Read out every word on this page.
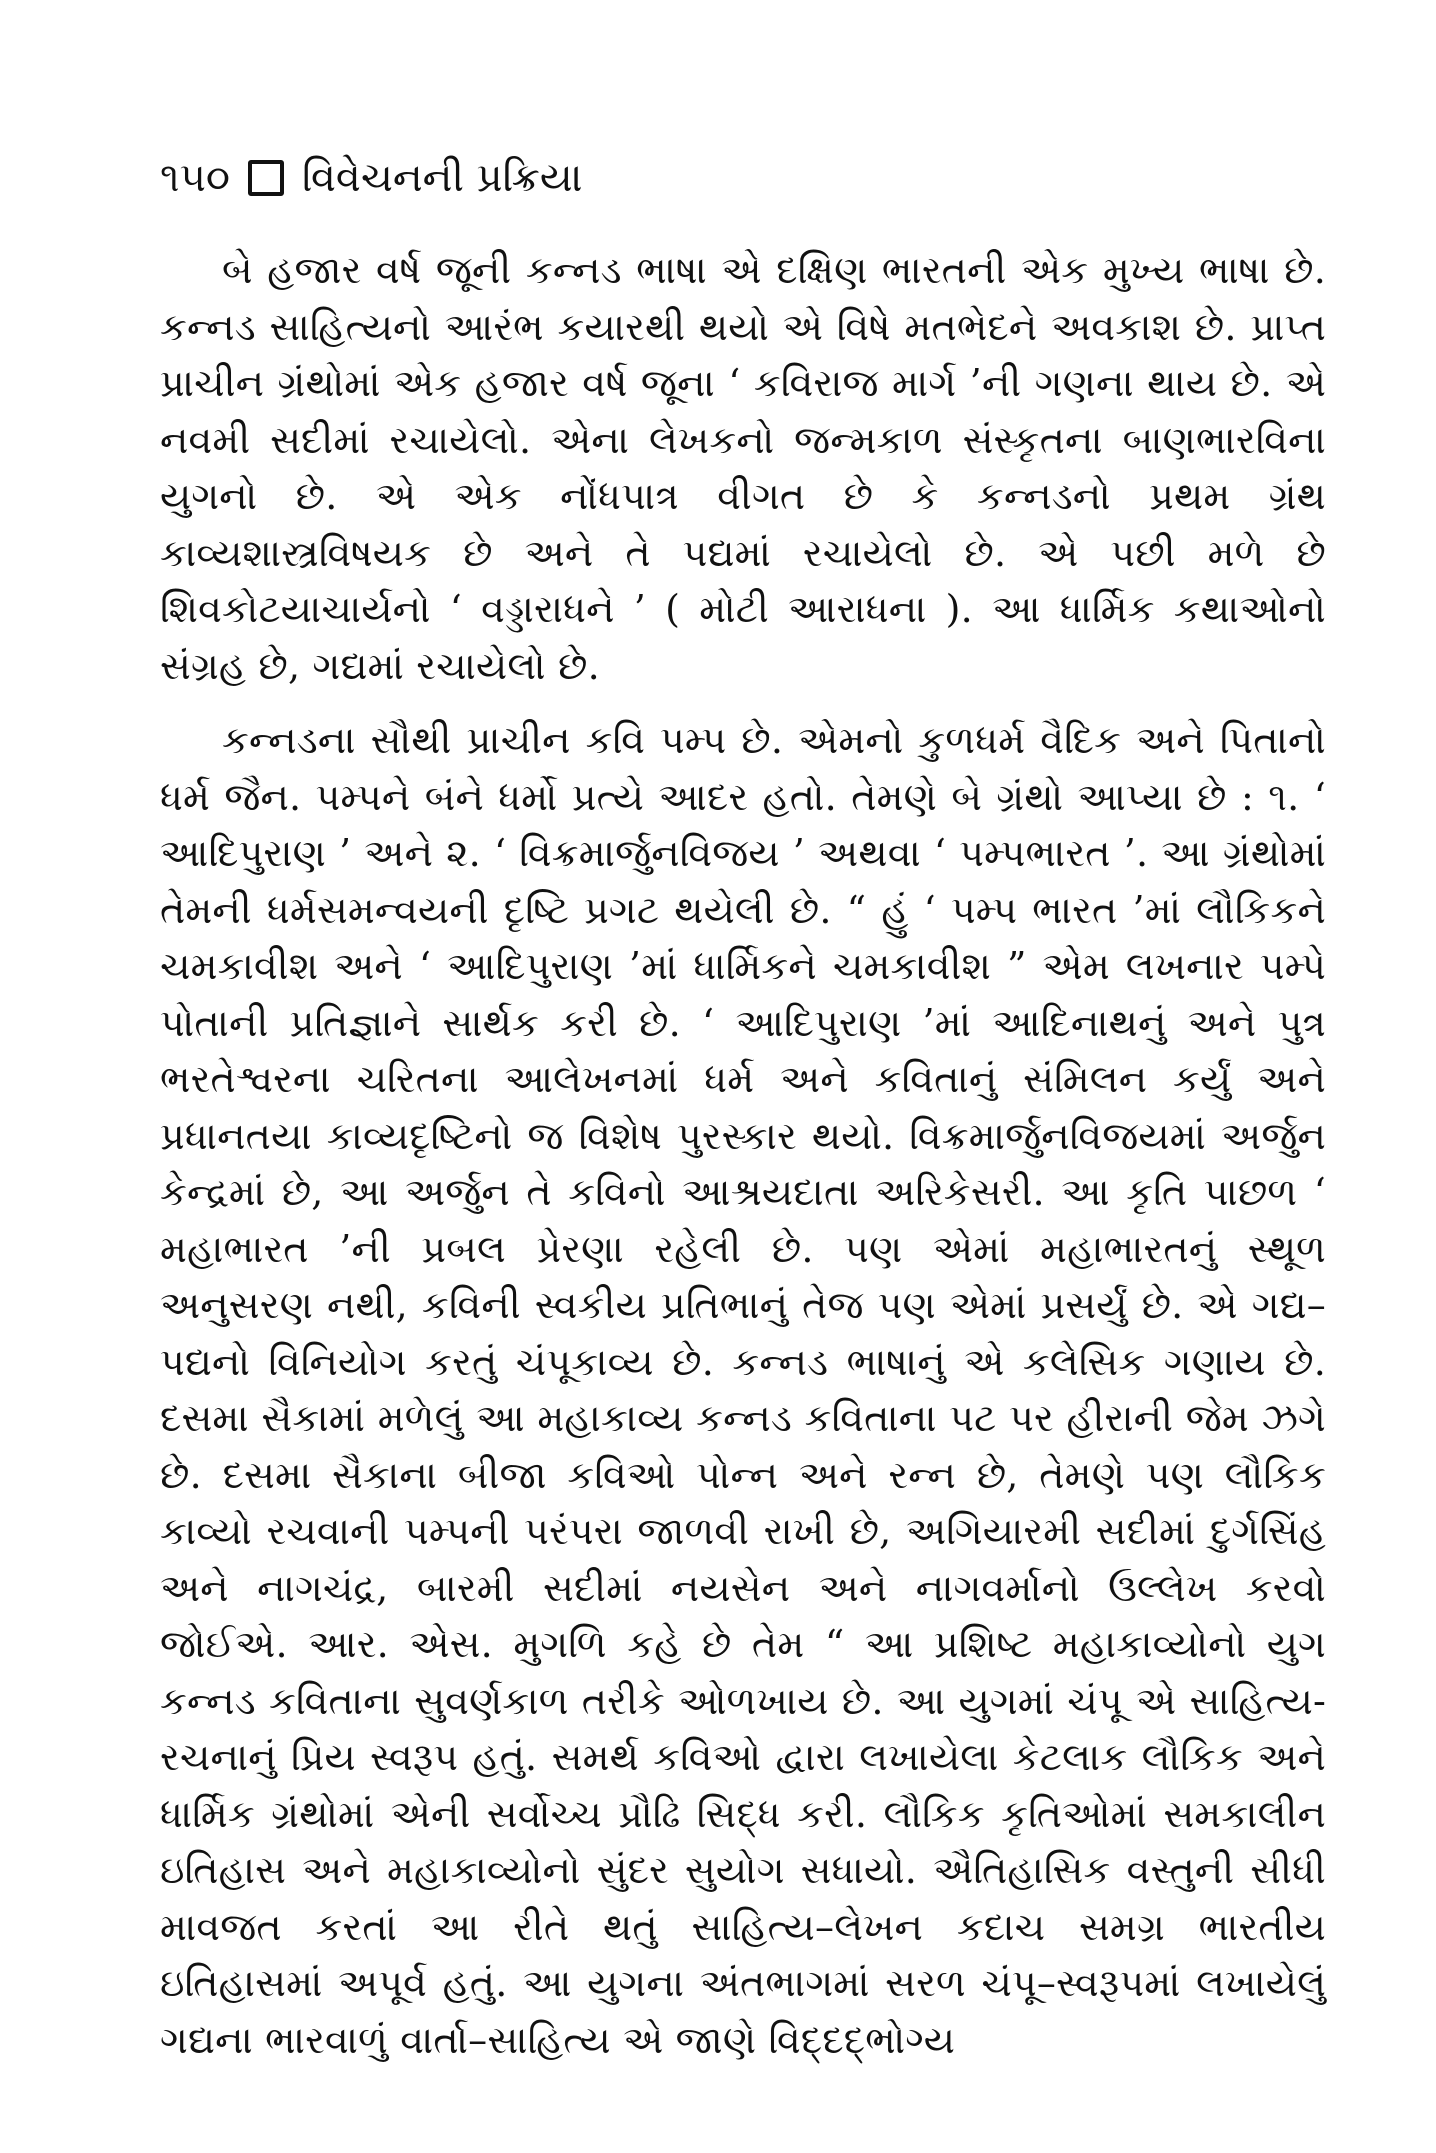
૧૫૦ વિવેચનની પ્રક્રિયા

બે હજાર વર્ષ જૂની કન્નડ ભાષા એ દક્ષિણ ભારતની એક મુખ્ય ભાષા છે. કન્નડ સાહિત્યનો આરંભ કયારથી થયો એ વિષે મતભેદને અવકાશ છે. પ્રાપ્ત પ્રાચીન ગ્રંથોમાં એક હજાર વર્ષ જૂના ‘ કવિરાજ માર્ગ ’ની ગણના થાય છે. એ નવમી સદીમાં રચાયેલો. એના લેખકનો જન્મકાળ સંસ્કૃતના બાણભારવિના યુગનો છે. એ એક નોંધપાત્ર વીગત છે કે કન્નડનો પ્રથમ ગ્રંથ કાવ્યશાસ્ત્રવિષયક છે અને તે પદ્યમાં રચાયેલો છે. એ પછી મળે છે શિવકોટયાચાર્યનો ‘ વડ્ડારાધને ’ ( મોટી આરાધના ). આ ધાર્મિક કથાઓનો સંગ્રહ છે, ગદ્યમાં રચાયેલો છે.

કન્નડના સૌથી પ્રાચીન કવિ પમ્પ છે. એમનો કુળધર્મ વૈદિક અને પિતાનો ધર્મ જૈન. પમ્પને બંને ધર્મો પ્રત્યે આદર હતો. તેમણે બે ગ્રંથો આપ્યા છે : ૧. ‘ આદિપુરાણ ’ અને ૨. ‘ વિક્રમાર્જુનવિજય ’ અથવા ‘ પમ્પભારત ’. આ ગ્રંથોમાં તેમની ધર્મસમન્વયની દૃષ્ટિ પ્રગટ થયેલી છે. “ હું ‘ પમ્પ ભારત ’માં લૌકિકને ચમકાવીશ અને ‘ આદિપુરાણ ’માં ધાર્મિકને ચમકાવીશ ” એમ લખનાર પમ્પે પોતાની પ્રતિજ્ઞાને સાર્થક કરી છે. ‘ આદિપુરાણ ’માં આદિનાથનું અને પુત્ર ભરતેશ્વરના ચરિતના આલેખનમાં ધર્મ અને કવિતાનું સંમિલન કર્યું અને પ્રધાનતયા કાવ્યદૃષ્ટિનો જ વિશેષ પુરસ્કાર થયો. વિક્રમાર્જુનવિજયમાં અર્જુન કેન્દ્રમાં છે, આ અર્જુન તે કવિનો આશ્રયદાતા અરિકેસરી. આ કૃતિ પાછળ ‘ મહાભારત ’ની પ્રબલ પ્રેરણા રહેલી છે. પણ એમાં મહાભારતનું સ્થૂળ અનુસરણ નથી, કવિની સ્વકીય પ્રતિભાનું તેજ પણ એમાં પ્રસર્યું છે. એ ગદ્ય–પદ્યનો વિનિયોગ કરતું ચંપૂકાવ્ય છે. કન્નડ ભાષાનું એ કલેસિક ગણાય છે. દસમા સૈકામાં મળેલું આ મહાકાવ્ય કન્નડ કવિતાના પટ પર હીરાની જેમ ઝગે છે. દસમા સૈકાના બીજા કવિઓ પોન્ન અને રન્ન છે, તેમણે પણ લૌકિક કાવ્યો રચવાની પમ્પની પરંપરા જાળવી રાખી છે, અગિયારમી સદીમાં દુર્ગસિંહ અને નાગચંદ્ર, બારમી સદીમાં નયસેન અને નાગવર્માનો ઉલ્લેખ કરવો જોઈએ. આર. એસ. મુગળિ કહે છે તેમ “ આ પ્રશિષ્ટ મહાકાવ્યોનો યુગ કન્નડ કવિતાના સુવર્ણકાળ તરીકે ઓળખાય છે. આ યુગમાં ચંપૂ એ સાહિત્ય-રચનાનું પ્રિય સ્વરૂપ હતું. સમર્થ કવિઓ દ્વારા લખાયેલા કેટલાક લૌકિક અને ધાર્મિક ગ્રંથોમાં એની સર્વોચ્ચ પ્રૌઢિ સિદ્ધ કરી. લૌકિક કૃતિઓમાં સમકાલીન ઇતિહાસ અને મહાકાવ્યોનો સુંદર સુયોગ સધાયો. ઐતિહાસિક વસ્તુની સીધી માવજત કરતાં આ રીતે થતું સાહિત્ય–લેખન કદાચ સમગ્ર ભારતીય ઇતિહાસમાં અપૂર્વ હતું. આ યુગના અંતભાગમાં સરળ ચંપૂ–સ્વરૂપમાં લખાયેલું ગદ્યના ભારવાળું વાર્તા–સાહિત્ય એ જાણે વિદ્દદ્ભોગ્ય
